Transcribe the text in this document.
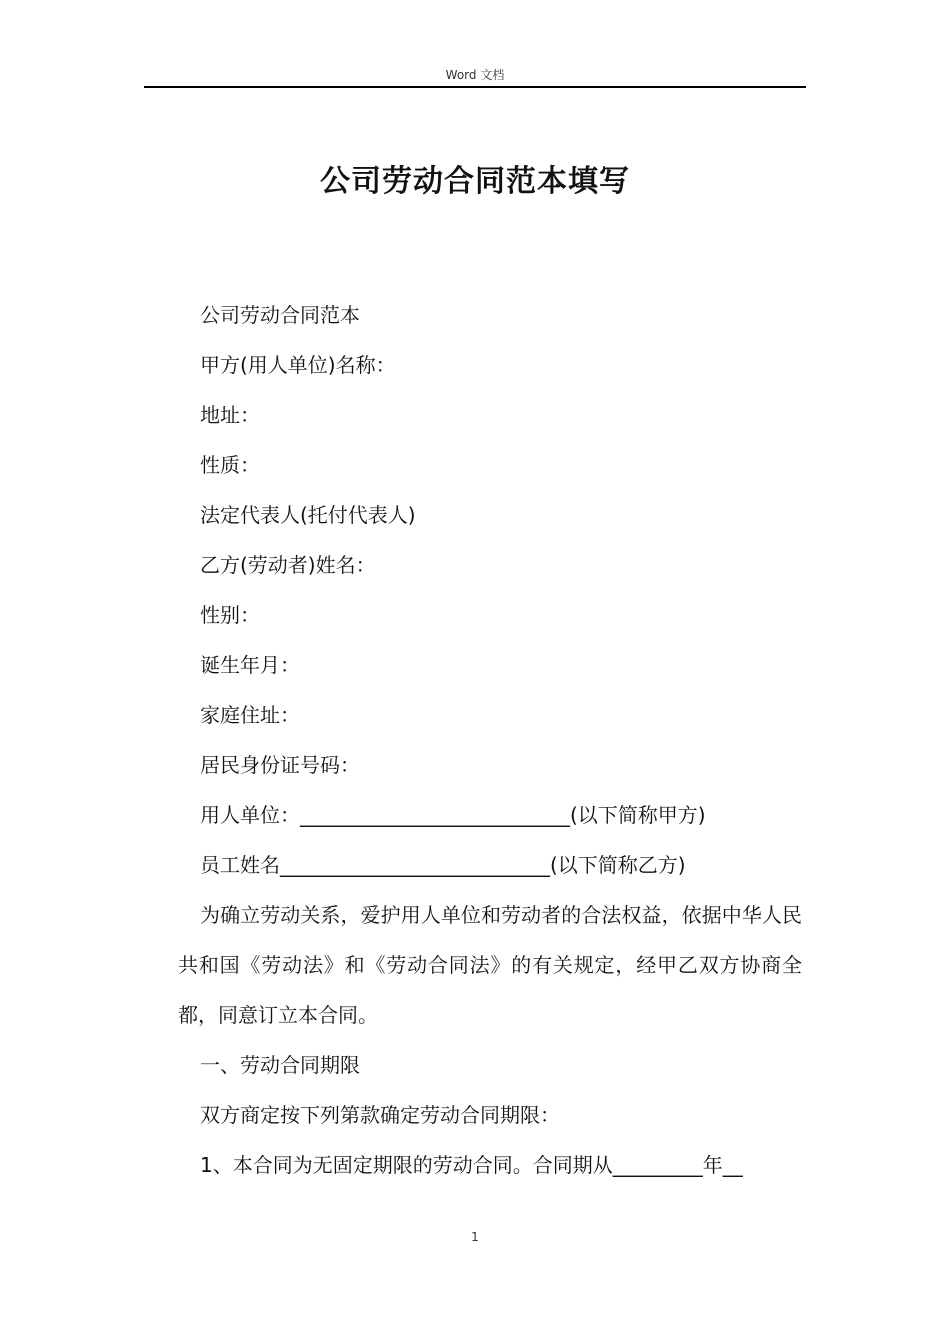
Word 文档
公司劳动合同范本填写

公司劳动合同范本

甲方(用人单位)名称：

地址：

性质：

法定代表人(托付代表人)

乙方(劳动者)姓名：

性别：

诞生年月：

家庭住址：

居民身份证号码：

用人单位：___________________________(以下简称甲方)

员工姓名___________________________(以下简称乙方)

为确立劳动关系，爱护用人单位和劳动者的合法权益，依据中华人民共和国《劳动法》和《劳动合同法》的有关规定，经甲乙双方协商全都，同意订立本合同。

一、劳动合同期限

双方商定按下列第款确定劳动合同期限：

1、本合同为无固定期限的劳动合同。合同期从_________年__

1
